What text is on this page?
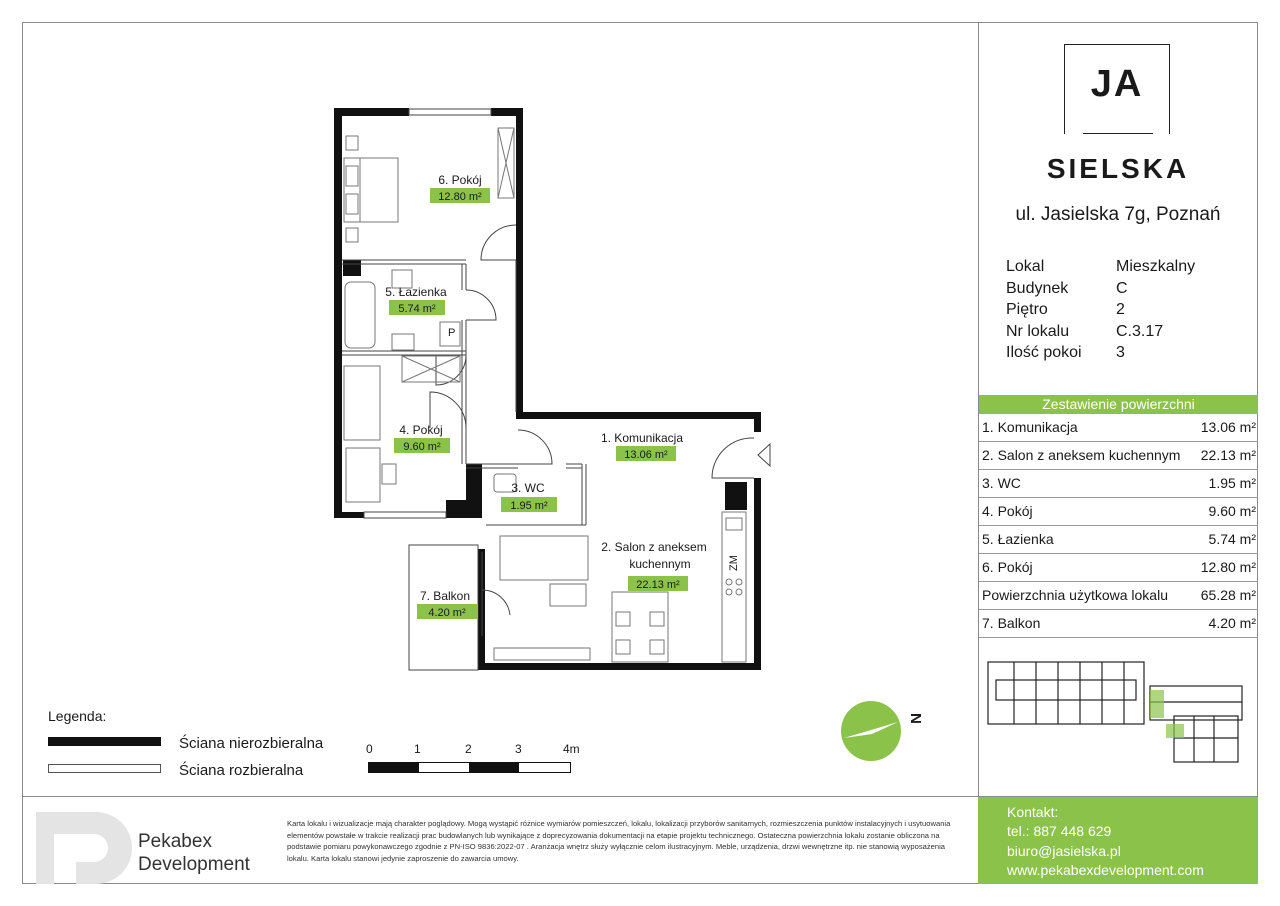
P
ZM
6. Pokój
12.80 m²
5. Łazienka
5.74 m²
4. Pokój
9.60 m²
3. WC
1.95 m²
1. Komunikacja
13.06 m²
2. Salon z aneksem
kuchennym
22.13 m²
7. Balkon
4.20 m²
JA
SIELSKA
ul. Jasielska 7g, Poznań
Lokal	Mieszkalny
Budynek	C
Piętro	2
Nr lokalu	C.3.17
Ilość pokoi 3
Zestawienie powierzchni
1. Komunikacja	13.06 m²
2. Salon z aneksem kuchennym 22.13 m²
3. WC	1.95 m²
4. Pokój	9.60 m²
5. Łazienka	5.74 m²
6. Pokój	12.80 m²
Powierzchnia użytkowa lokalu 65.28 m²
7. Balkon	4.20 m²
Legenda:
Ściana nierozbieralna
Ściana rozbieralna
0	1	2	3	4m
N
Pekabex
Development
Karta lokalu i wizualizacje mają charakter poglądowy. Mogą wystąpić różnice wymiarów pomieszczeń, lokalu, lokalizacji przyborów sanitarnych, rozmieszczenia punktów instalacyjnych i usytuowania elementów powstałe w trakcie realizacji prac budowlanych lub wynikające z doprecyzowania dokumentacji na etapie projektu technicznego. Ostateczna powierzchnia lokalu zostanie obliczona na podstawie pomiaru powykonawczego zgodnie z PN-ISO 9836:2022-07 . Aranżacja wnętrz służy wyłącznie celom ilustracyjnym. Meble, urządzenia, drzwi wewnętrzne itp. nie stanowią wyposażenia lokalu. Karta lokalu stanowi jedynie zaproszenie do zawarcia umowy.
Kontakt:
tel.: 887 448 629
biuro@jasielska.pl
www.pekabexdevelopment.com
